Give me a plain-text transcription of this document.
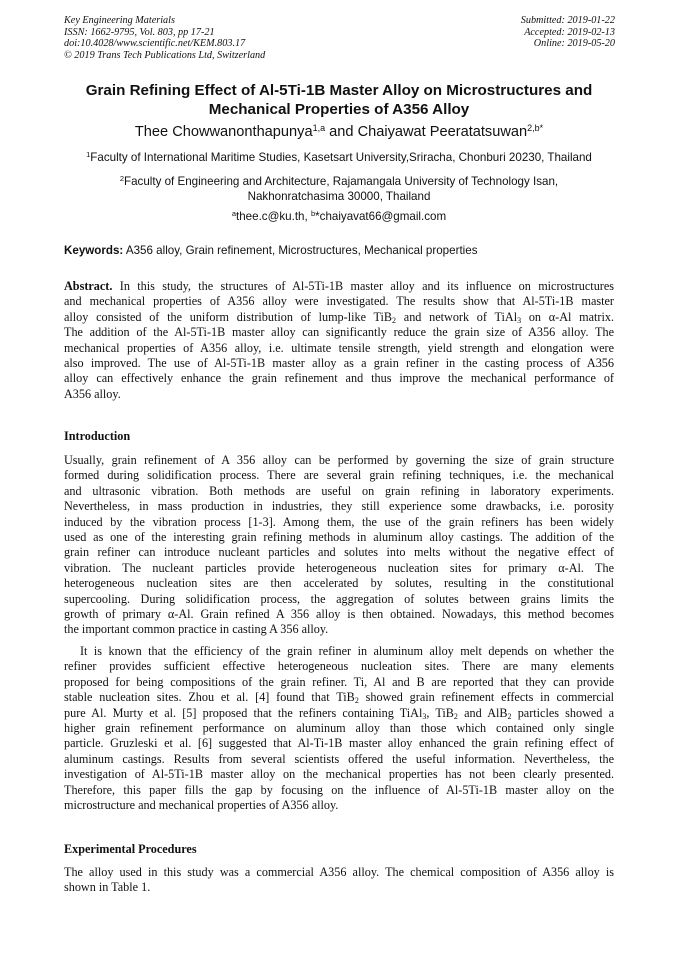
Key Engineering Materials
ISSN: 1662-9795, Vol. 803, pp 17-21
doi:10.4028/www.scientific.net/KEM.803.17
© 2019 Trans Tech Publications Ltd, Switzerland
Submitted: 2019-01-22
Accepted: 2019-02-13
Online: 2019-05-20
Grain Refining Effect of Al-5Ti-1B Master Alloy on Microstructures and
Mechanical Properties of A356 Alloy
Thee Chowwanonthapunya$^{1,a}$ and Chaiyawat Peeratatsuwan$^{2,b*}$
$^1$Faculty of International Maritime Studies, Kasetsart University,Sriracha, Chonburi 20230, Thailand
$^2$Faculty of Engineering and Architecture, Rajamangala University of Technology Isan,
Nakhonratchasima 30000, Thailand
$^a$thee.c@ku.th, $^b$*chaiyavat66@gmail.com
Keywords: A356 alloy, Grain refinement, Microstructures, Mechanical properties
Abstract. In this study, the structures of Al-5Ti-1B master alloy and its influence on microstructures
and mechanical properties of A356 alloy were investigated. The results show that Al-5Ti-1B master
alloy consisted of the uniform distribution of lump-like TiB$_2$ and network of TiAl$_3$ on α-Al matrix.
The addition of the Al-5Ti-1B master alloy can significantly reduce the grain size of A356 alloy. The
mechanical properties of A356 alloy, i.e. ultimate tensile strength, yield strength and elongation were
also improved. The use of Al-5Ti-1B master alloy as a grain refiner in the casting process of A356
alloy can effectively enhance the grain refinement and thus improve the mechanical performance of
A356 alloy.
Introduction
Usually, grain refinement of A 356 alloy can be performed by governing the size of grain structure
formed during solidification process. There are several grain refining techniques, i.e. the mechanical
and ultrasonic vibration. Both methods are useful on grain refining in laboratory experiments.
Nevertheless, in mass production in industries, they still experience some drawbacks, i.e. porosity
induced by the vibration process [1-3]. Among them, the use of the grain refiners has been widely
used as one of the interesting grain refining methods in aluminum alloy castings. The addition of the
grain refiner can introduce nucleant particles and solutes into melts without the negative effect of
vibration. The nucleant particles provide heterogeneous nucleation sites for primary α-Al. The
heterogeneous nucleation sites are then accelerated by solutes, resulting in the constitutional
supercooling. During solidification process, the aggregation of solutes between grains limits the
growth of primary α-Al. Grain refined A 356 alloy is then obtained. Nowadays, this method becomes
the important common practice in casting A 356 alloy.
It is known that the efficiency of the grain refiner in aluminum alloy melt depends on whether the
refiner provides sufficient effective heterogeneous nucleation sites. There are many elements
proposed for being compositions of the grain refiner. Ti, Al and B are reported that they can provide
stable nucleation sites. Zhou et al. [4] found that TiB$_2$ showed grain refinement effects in commercial
pure Al. Murty et al. [5] proposed that the refiners containing TiAl$_3$, TiB$_2$ and AlB$_2$ particles showed a
higher grain refinement performance on aluminum alloy than those which contained only single
particle. Gruzleski et al. [6] suggested that Al-Ti-1B master alloy enhanced the grain refining effect of
aluminum castings. Results from several scientists offered the useful information. Nevertheless, the
investigation of Al-5Ti-1B master alloy on the mechanical properties has not been clearly presented.
Therefore, this paper fills the gap by focusing on the influence of Al-5Ti-1B master alloy on the
microstructure and mechanical properties of A356 alloy.
Experimental Procedures
The alloy used in this study was a commercial A356 alloy. The chemical composition of A356 alloy is
shown in Table 1.
